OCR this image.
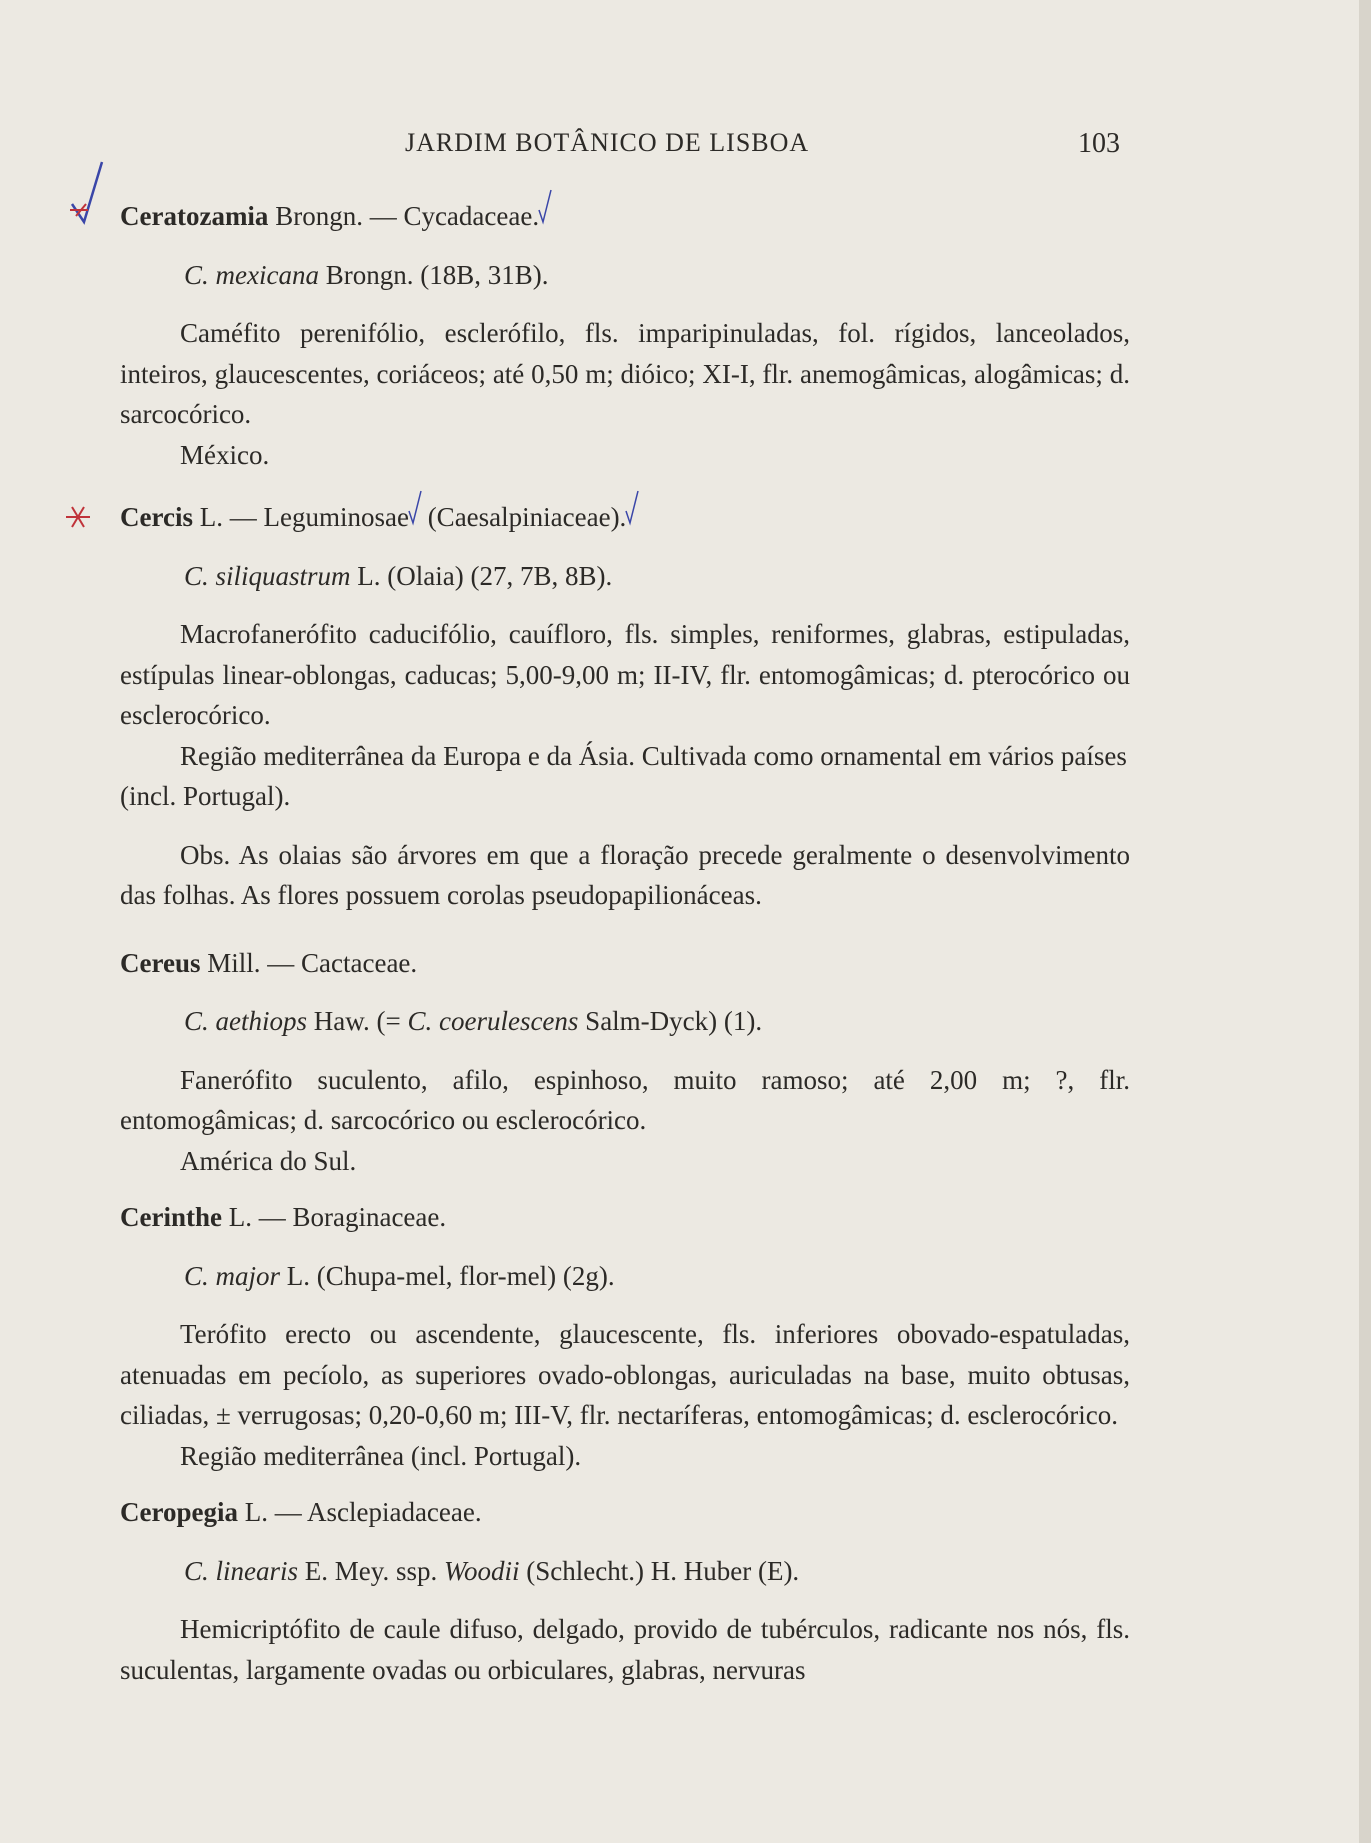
JARDIM BOTÂNICO DE LISBOA	103
Ceratozamia Brongn. — Cycadaceae.
C. mexicana Brongn. (18B, 31B).

Caméfito perenifólio, esclerófilo, fls. imparipinuladas, fol. rígidos, lanceolados, inteiros, glaucescentes, coriáceos; até 0,50 m; dióico; XI-I, flr. anemogâmicas, alogâmicas; d. sarcocórico.

México.

Cercis L. — Leguminosae
(Caesalpiniaceae).
C. siliquastrum L. (Olaia) (27, 7B, 8B).

Macrofanerófito caducifólio, cauífloro, fls. simples, reniformes, glabras, estipuladas, estípulas linear-oblongas, caducas; 5,00-9,00 m; II-IV, flr. entomogâmicas; d. pterocórico ou esclerocórico.

Região mediterrânea da Europa e da Ásia. Cultivada como ornamental em vários países (incl. Portugal).

Obs. As olaias são árvores em que a floração precede geralmente o desenvolvimento das folhas. As flores possuem corolas pseudopapilionáceas.

Cereus Mill. — Cactaceae.
C. aethiops Haw. (= C. coerulescens Salm-Dyck) (1).

Fanerófito suculento, afilo, espinhoso, muito ramoso; até 2,00 m; ?, flr. entomogâmicas; d. sarcocórico ou esclerocórico.

América do Sul.

Cerinthe L. — Boraginaceae.
C. major L. (Chupa-mel, flor-mel) (2g).

Terófito erecto ou ascendente, glaucescente, fls. inferiores obovado-espatuladas, atenuadas em pecíolo, as superiores ovado-oblongas, auriculadas na base, muito obtusas, ciliadas, ± verrugosas; 0,20-0,60 m; III-V, flr. nectaríferas, entomogâmicas; d. esclerocórico.

Região mediterrânea (incl. Portugal).

Ceropegia L. — Asclepiadaceae.
C. linearis E. Mey. ssp. Woodii (Schlecht.) H. Huber (E).

Hemicriptófito de caule difuso, delgado, provido de tubérculos, radicante nos nós, fls. suculentas, largamente ovadas ou orbiculares, glabras, nervuras
